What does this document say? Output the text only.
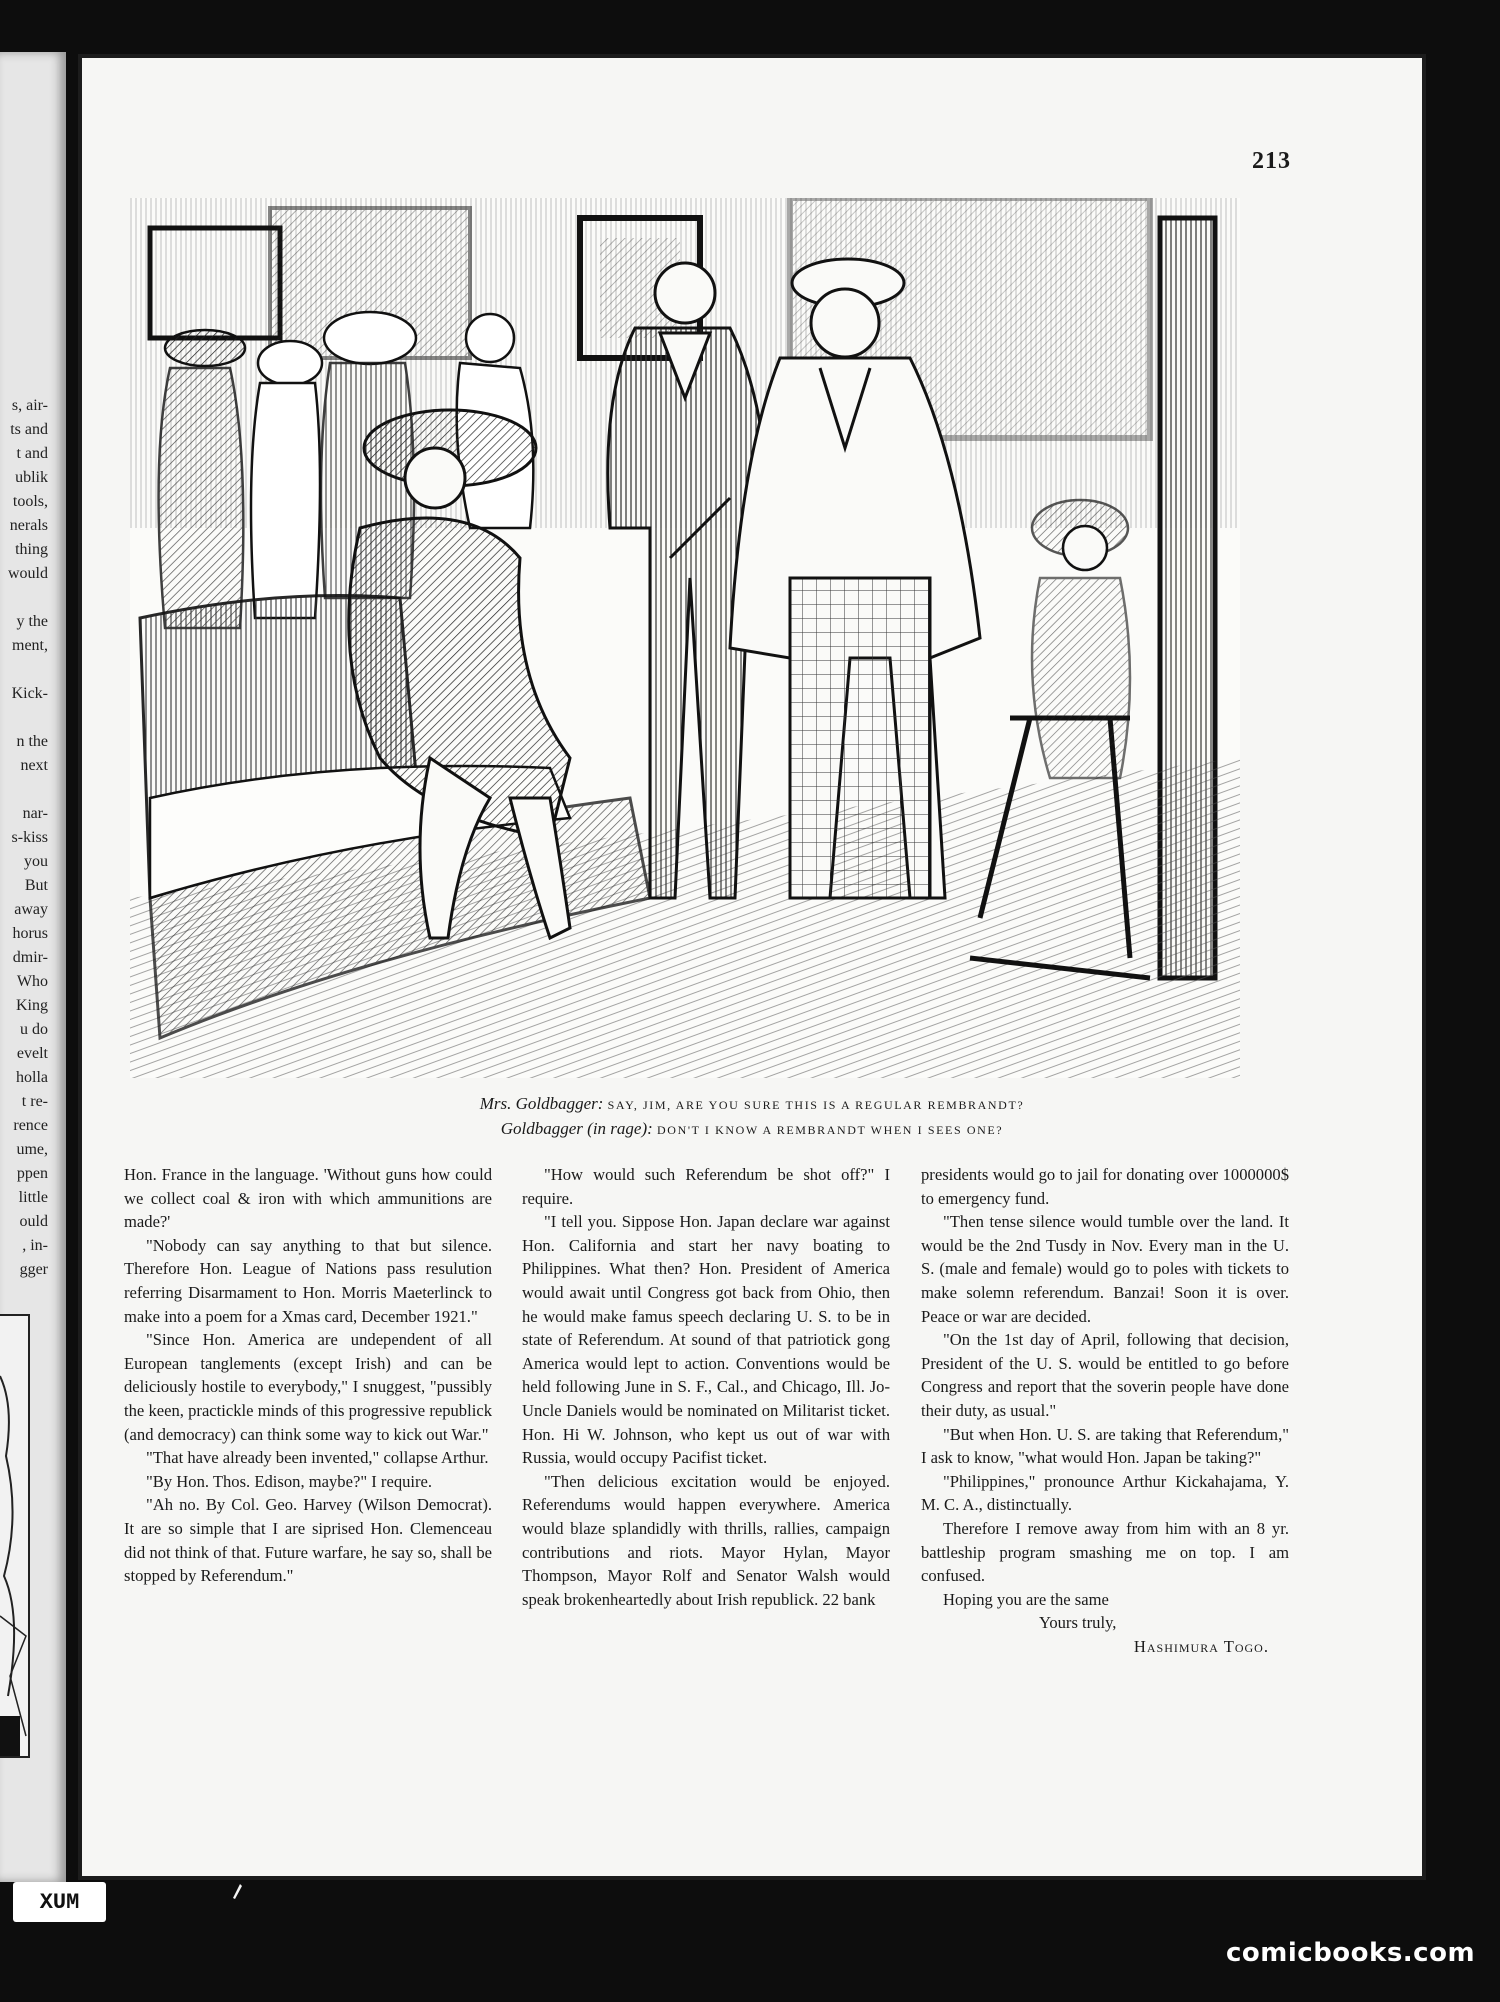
s, air-
ts and
t and
ublik
tools,
nerals
thing
would
y the
ment,
Kick-
n the
next
nar-
s-kiss
you
But
away
horus
dmir-
Who
King
u do
evelt
holla
t re-
rence
ume,
ppen
little
ould
, in-
gger
213
Mrs. Goldbagger: SAY, JIM, ARE YOU SURE THIS IS A REGULAR REMBRANDT?
Goldbagger (in rage): DON'T I KNOW A REMBRANDT WHEN I SEES ONE?

Hon. France in the language. 'Without guns how could we collect coal & iron with which ammunitions are made?'

"Nobody can say anything to that but silence. Therefore Hon. League of Nations pass resulution referring Disarmament to Hon. Morris Maeterlinck to make into a poem for a Xmas card, December 1921."

"Since Hon. America are undependent of all European tanglements (except Irish) and can be deliciously hostile to everybody," I snuggest, "pussibly the keen, practickle minds of this progressive republick (and democracy) can think some way to kick out War."

"That have already been invented," collapse Arthur.

"By Hon. Thos. Edison, maybe?" I require.

"Ah no. By Col. Geo. Harvey (Wilson Democrat). It are so simple that I are siprised Hon. Clemenceau did not think of that. Future warfare, he say so, shall be stopped by Referendum."

"How would such Referendum be shot off?" I require.

"I tell you. Sippose Hon. Japan declare war against Hon. California and start her navy boating to Philippines. What then? Hon. President of America would await until Congress got back from Ohio, then he would make famus speech declaring U. S. to be in state of Referendum. At sound of that patriotick gong America would lept to action. Conventions would be held following June in S. F., Cal., and Chicago, Ill. Jo-Uncle Daniels would be nominated on Militarist ticket. Hon. Hi W. Johnson, who kept us out of war with Russia, would occupy Pacifist ticket.

"Then delicious excitation would be enjoyed. Referendums would happen everywhere. America would blaze splandidly with thrills, rallies, campaign contributions and riots. Mayor Hylan, Mayor Thompson, Mayor Rolf and Senator Walsh would speak brokenheartedly about Irish republick. 22 bank

presidents would go to jail for donating over 1000000$ to emergency fund.

"Then tense silence would tumble over the land. It would be the 2nd Tusdy in Nov. Every man in the U. S. (male and female) would go to poles with tickets to make solemn referendum. Banzai! Soon it is over. Peace or war are decided.

"On the 1st day of April, following that decision, President of the U. S. would be entitled to go before Congress and report that the soverin people have done their duty, as usual."

"But when Hon. U. S. are taking that Referendum," I ask to know, "what would Hon. Japan be taking?"

"Philippines," pronounce Arthur Kickahajama, Y. M. C. A., distinctually.

Therefore I remove away from him with an 8 yr. battleship program smashing me on top. I am confused.

Hoping you are the same

Yours truly,

Hashimura Togo.

XUM
comicbooks.com
